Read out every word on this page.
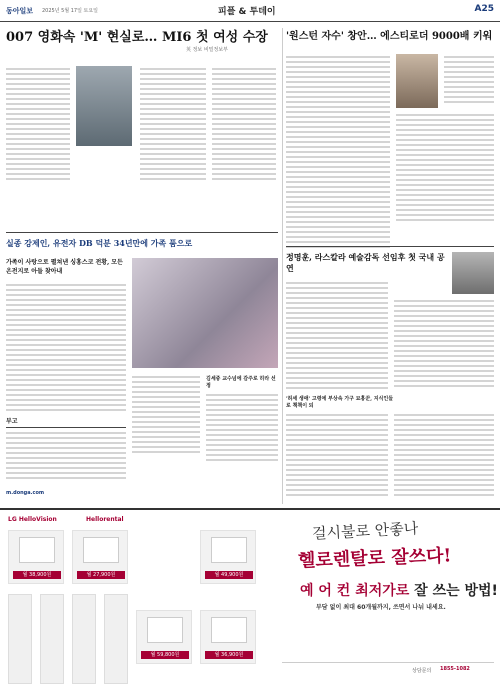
동아일보 2025년 5월 17일 토요일	피플 & 투데이	A25
007 영화속 'M' 현실로… MI6 첫 여성 수장
英 정보 비밀정보부
'원스턴 자수' 창안… 에스티로더 9000배 키워
실종 강제인, 유전자 DB 덕분 34년만에 가족 품으로
가족이 사랑으로 펼쳐낸 싱홍스코 전황, 모든 온전지로 아들 찾아내
김세중 교수넘에 감주로 히라 선정
부고
m.donga.com
정명훈, 라스칼라 예술감독 선임후 첫 국내 공연
'허세 생애' 고령에 부상속 가구 묘홍꾼, 지식인들로 책책이 되
LG HelloVision	Hellorental
월 38,900원	월 27,900원	월 49,900원
월 59,800원	월 36,900원
걸시불로 안좋나
헬로렌탈로 잘쓰다!
예 어 컨 최저가로 잘 쓰는 방법!
부담 없이 최대 60개월까지, 쓰면서 나눠 내세요.
상담문의 1855-1082
